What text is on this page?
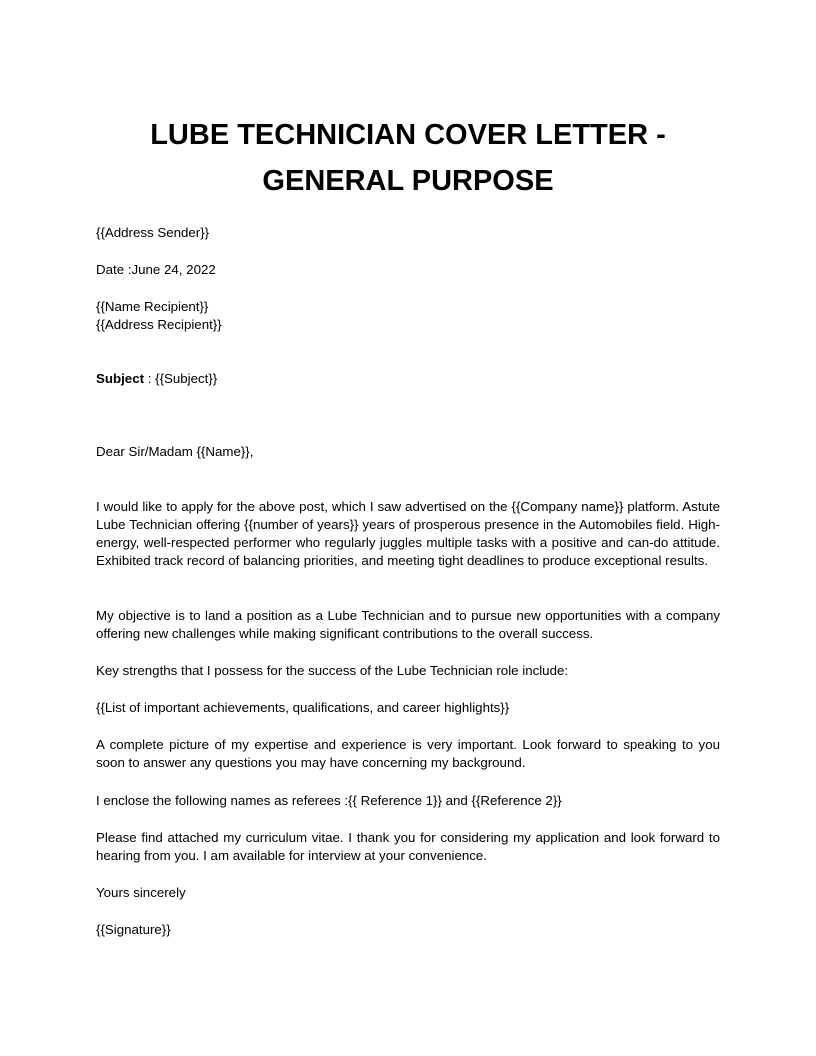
LUBE TECHNICIAN COVER LETTER -
GENERAL PURPOSE
{{Address Sender}}
Date :June 24, 2022
{{Name Recipient}}
{{Address Recipient}}
Subject : {{Subject}}
Dear Sir/Madam {{Name}},

I would like to apply for the above post, which I saw advertised on the {{Company name}} platform. Astute Lube Technician offering {{number of years}} years of prosperous presence in the Automobiles field. High-energy, well-respected performer who regularly juggles multiple tasks with a positive and can-do attitude. Exhibited track record of balancing priorities, and meeting tight deadlines to produce exceptional results.

My objective is to land a position as a Lube Technician and to pursue new opportunities with a company offering new challenges while making significant contributions to the overall success.

Key strengths that I possess for the success of the Lube Technician role include:

{{List of important achievements, qualifications, and career highlights}}

A complete picture of my expertise and experience is very important. Look forward to speaking to you soon to answer any questions you may have concerning my background.

I enclose the following names as referees :{{ Reference 1}} and {{Reference 2}}

Please find attached my curriculum vitae. I thank you for considering my application and look forward to hearing from you. I am available for interview at your convenience.

Yours sincerely
{{Signature}}
